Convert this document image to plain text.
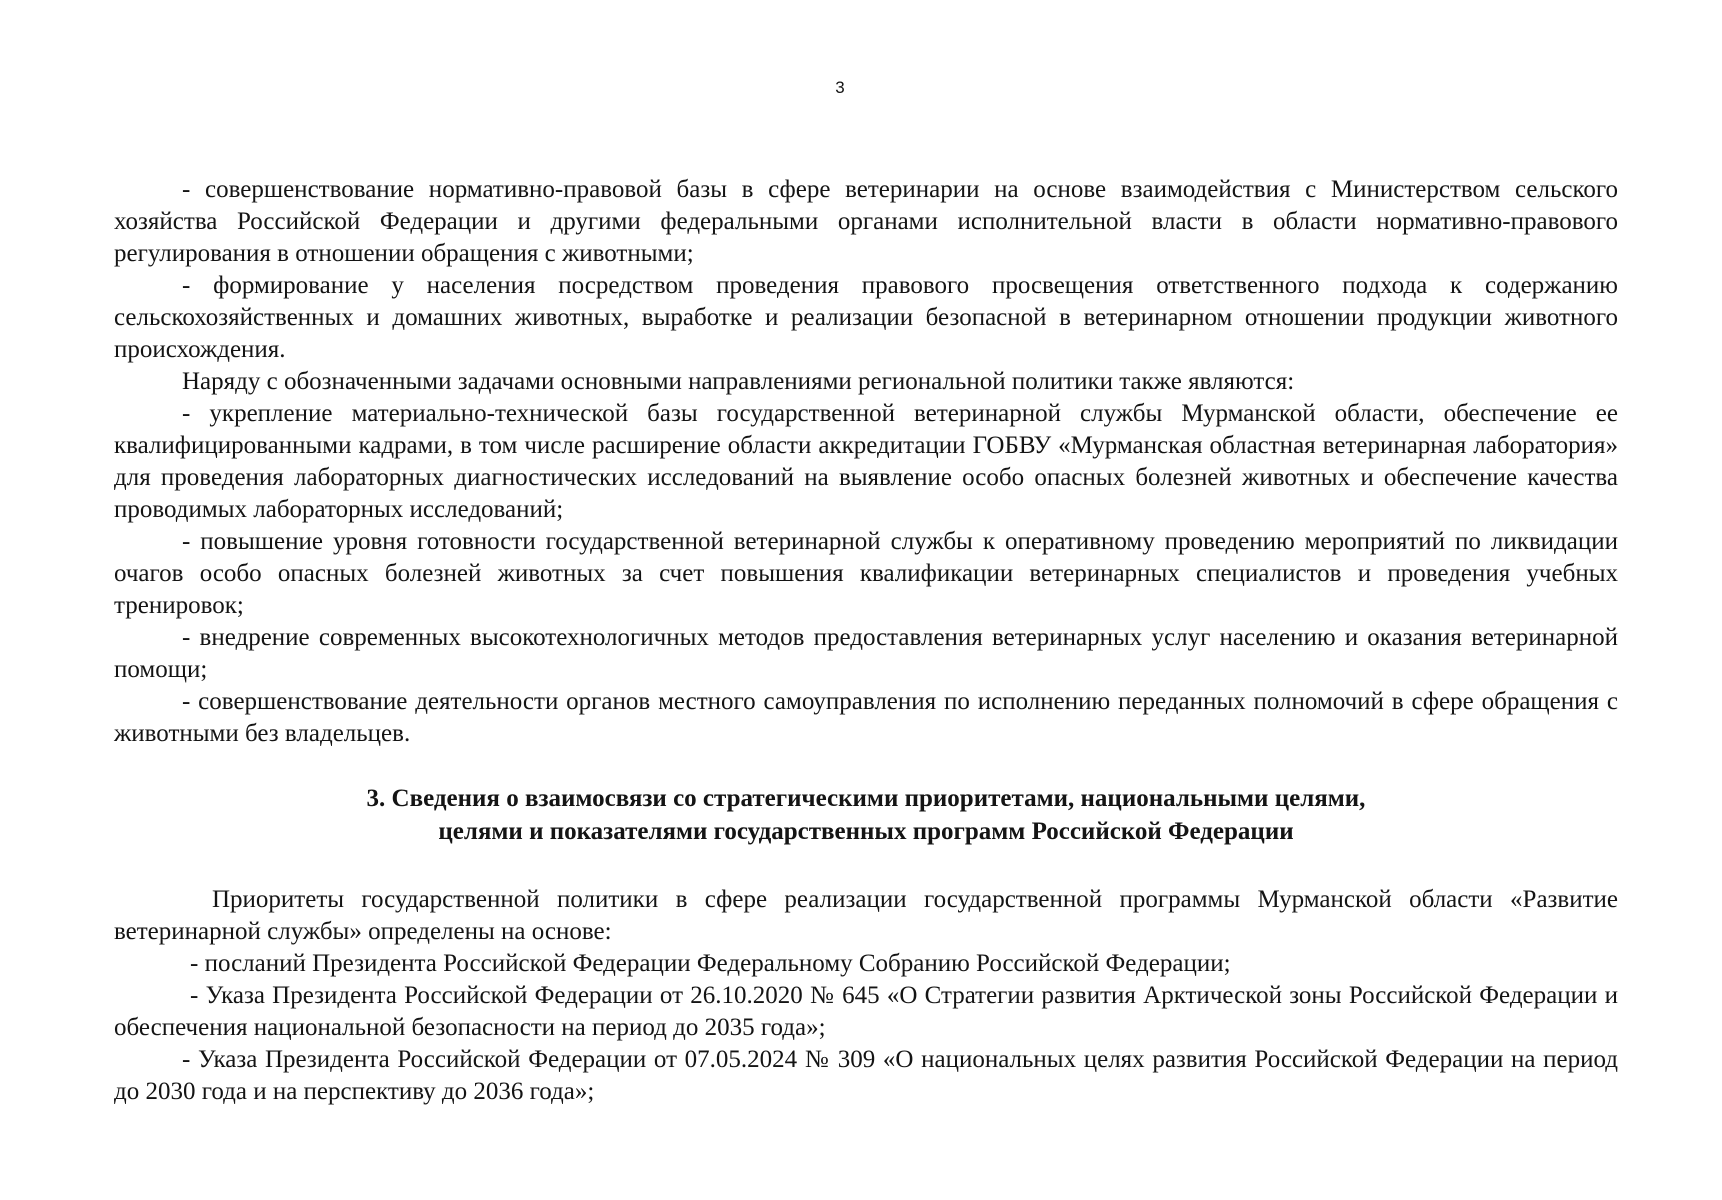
3

- совершенствование нормативно-правовой базы в сфере ветеринарии на основе взаимодействия с Министерством сельского хозяйства Российской Федерации и другими федеральными органами исполнительной власти в области нормативно-правового регулирования в отношении обращения с животными;

- формирование у населения посредством проведения правового просвещения ответственного подхода к содержанию сельскохозяйственных и домашних животных, выработке и реализации безопасной в ветеринарном отношении продукции животного происхождения.

Наряду с обозначенными задачами основными направлениями региональной политики также являются:

- укрепление материально-технической базы государственной ветеринарной службы Мурманской области, обеспечение ее квалифицированными кадрами, в том числе расширение области аккредитации ГОБВУ «Мурманская областная ветеринарная лаборатория» для проведения лабораторных диагностических исследований на выявление особо опасных болезней животных и обеспечение качества проводимых лабораторных исследований;

- повышение уровня готовности государственной ветеринарной службы к оперативному проведению мероприятий по ликвидации очагов особо опасных болезней животных за счет повышения квалификации ветеринарных специалистов и проведения учебных тренировок;

- внедрение современных высокотехнологичных методов предоставления ветеринарных услуг населению и оказания ветеринарной помощи;

- совершенствование деятельности органов местного самоуправления по исполнению переданных полномочий в сфере обращения с животными без владельцев.

3. Сведения о взаимосвязи со стратегическими приоритетами, национальными целями,
целями и показателями государственных программ Российской Федерации

Приоритеты государственной политики в сфере реализации государственной программы Мурманской области «Развитие ветеринарной службы» определены на основе:

- посланий Президента Российской Федерации Федеральному Собранию Российской Федерации;

- Указа Президента Российской Федерации от 26.10.2020 № 645 «О Стратегии развития Арктической зоны Российской Федерации и обеспечения национальной безопасности на период до 2035 года»;

- Указа Президента Российской Федерации от 07.05.2024 № 309 «О национальных целях развития Российской Федерации на период до 2030 года и на перспективу до 2036 года»;
